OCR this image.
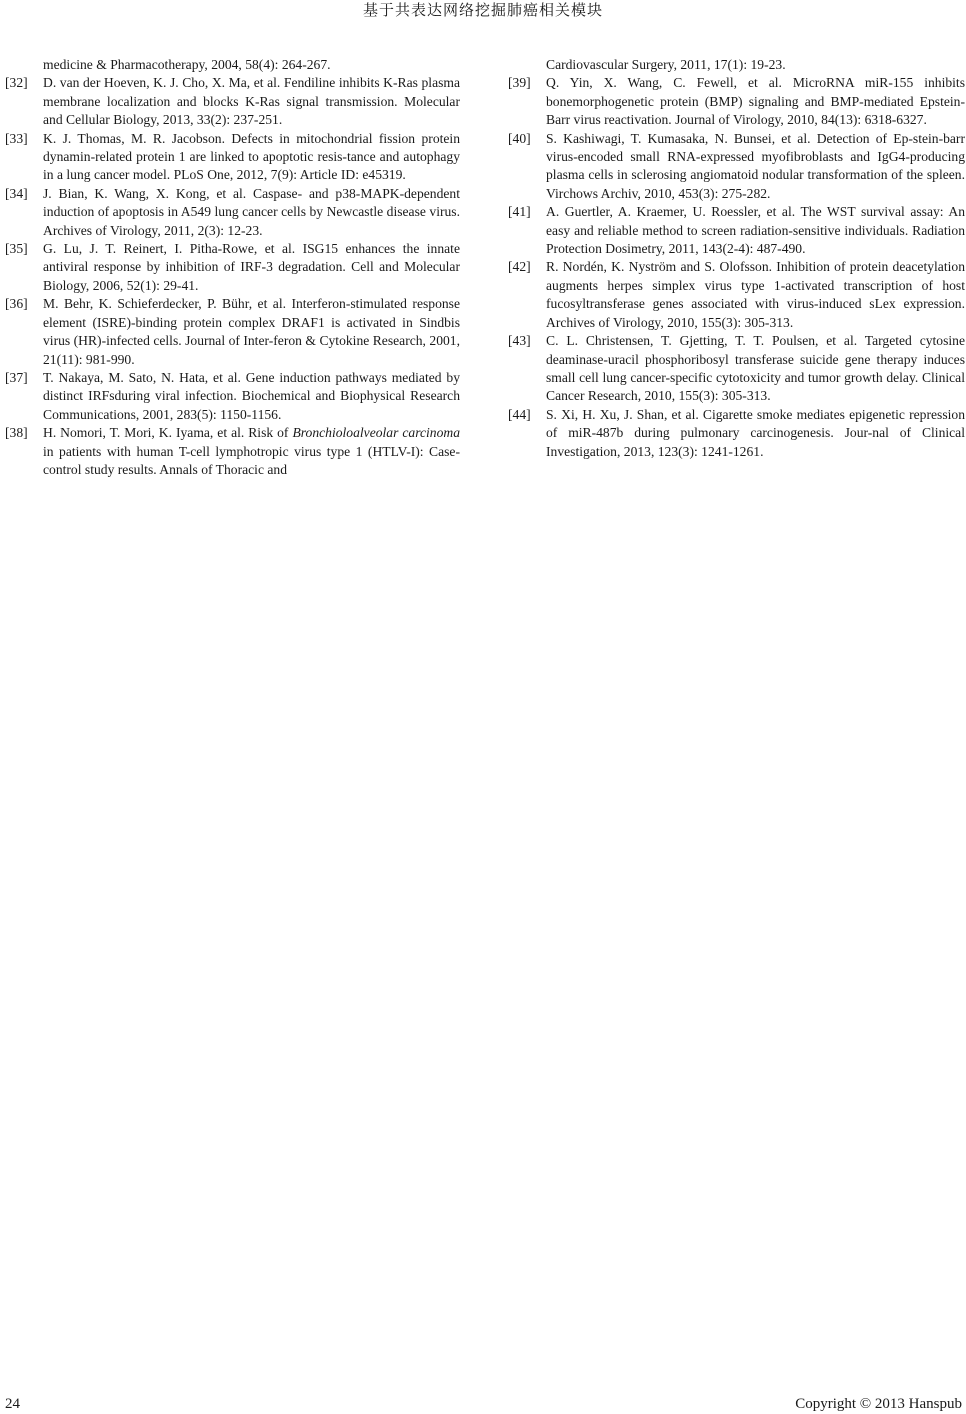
基于共表达网络挖掘肺癌相关模块
medicine & Pharmacotherapy, 2004, 58(4): 264-267.
[32]	D. van der Hoeven, K. J. Cho, X. Ma, et al. Fendiline inhibits K-Ras plasma membrane localization and blocks K-Ras signal transmission. Molecular and Cellular Biology, 2013, 33(2): 237-251.
[33]	K. J. Thomas, M. R. Jacobson. Defects in mitochondrial fission protein dynamin-related protein 1 are linked to apoptotic resis-tance and autophagy in a lung cancer model. PLoS One, 2012, 7(9): Article ID: e45319.
[34]	J. Bian, K. Wang, X. Kong, et al. Caspase- and p38-MAPK-dependent induction of apoptosis in A549 lung cancer cells by Newcastle disease virus. Archives of Virology, 2011, 2(3): 12-23.
[35]	G. Lu, J. T. Reinert, I. Pitha-Rowe, et al. ISG15 enhances the innate antiviral response by inhibition of IRF-3 degradation. Cell and Molecular Biology, 2006, 52(1): 29-41.
[36]	M. Behr, K. Schieferdecker, P. Bühr, et al. Interferon-stimulated response element (ISRE)-binding protein complex DRAF1 is activated in Sindbis virus (HR)-infected cells. Journal of Inter-feron & Cytokine Research, 2001, 21(11): 981-990.
[37]	T. Nakaya, M. Sato, N. Hata, et al. Gene induction pathways mediated by distinct IRFsduring viral infection. Biochemical and Biophysical Research Communications, 2001, 283(5): 1150-1156.
[38]	H. Nomori, T. Mori, K. Iyama, et al. Risk of Bronchioloalveolar carcinoma in patients with human T-cell lymphotropic virus type 1 (HTLV-I): Case-control study results. Annals of Thoracic and
Cardiovascular Surgery, 2011, 17(1): 19-23.
[39]	Q. Yin, X. Wang, C. Fewell, et al. MicroRNA miR-155 inhibits bonemorphogenetic protein (BMP) signaling and BMP-mediated Epstein-Barr virus reactivation. Journal of Virology, 2010, 84(13): 6318-6327.
[40]	S. Kashiwagi, T. Kumasaka, N. Bunsei, et al. Detection of Ep-stein-barr virus-encoded small RNA-expressed myofibroblasts and IgG4-producing plasma cells in sclerosing angiomatoid nodular transformation of the spleen. Virchows Archiv, 2010, 453(3): 275-282.
[41]	A. Guertler, A. Kraemer, U. Roessler, et al. The WST survival assay: An easy and reliable method to screen radiation-sensitive individuals. Radiation Protection Dosimetry, 2011, 143(2-4): 487-490.
[42]	R. Nordén, K. Nyström and S. Olofsson. Inhibition of protein deacetylation augments herpes simplex virus type 1-activated transcription of host fucosyltransferase genes associated with virus-induced sLex expression. Archives of Virology, 2010, 155(3): 305-313.
[43]	C. L. Christensen, T. Gjetting, T. T. Poulsen, et al. Targeted cytosine deaminase-uracil phosphoribosyl transferase suicide gene therapy induces small cell lung cancer-specific cytotoxicity and tumor growth delay. Clinical Cancer Research, 2010, 155(3): 305-313.
[44]	S. Xi, H. Xu, J. Shan, et al. Cigarette smoke mediates epigenetic repression of miR-487b during pulmonary carcinogenesis. Jour-nal of Clinical Investigation, 2013, 123(3): 1241-1261.
24	Copyright © 2013 Hanspub
